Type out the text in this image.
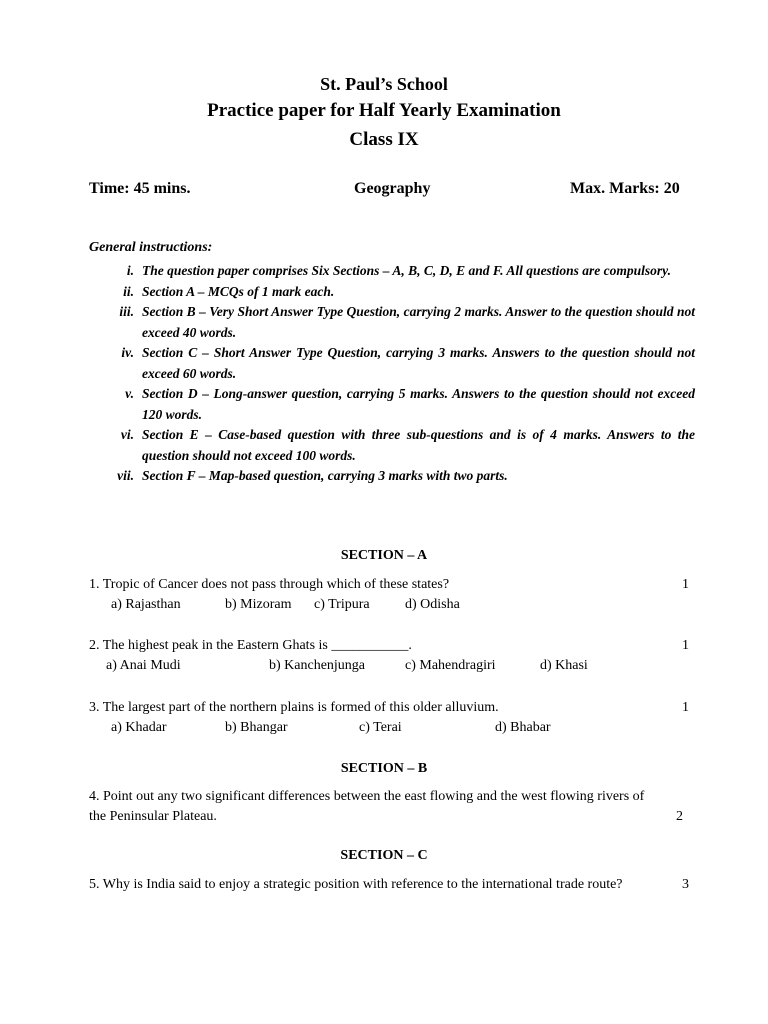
St. Paul’s School
Practice paper for Half Yearly Examination
Class IX
Time: 45 mins.	Geography	Max. Marks: 20
General instructions:
i. The question paper comprises Six Sections – A, B, C, D, E and F. All questions are compulsory.
ii. Section A – MCQs of 1 mark each.
iii. Section B – Very Short Answer Type Question, carrying 2 marks. Answer to the question should not exceed 40 words.
iv. Section C – Short Answer Type Question, carrying 3 marks. Answers to the question should not exceed 60 words.
v. Section D – Long-answer question, carrying 5 marks. Answers to the question should not exceed 120 words.
vi. Section E – Case-based question with three sub-questions and is of 4 marks. Answers to the question should not exceed 100 words.
vii. Section F – Map-based question, carrying 3 marks with two parts.
SECTION – A
1. Tropic of Cancer does not pass through which of these states?	1
a) Rajasthan	b) Mizoram c) Tripura	d) Odisha
2. The highest peak in the Eastern Ghats is ___________.	1
a) Anai Mudi	b) Kanchenjunga	c) Mahendragiri	d) Khasi
3. The largest part of the northern plains is formed of this older alluvium.	1
a) Khadar	b) Bhangar	c) Terai	d) Bhabar
SECTION – B
4. Point out any two significant differences between the east flowing and the west flowing rivers of
the Peninsular Plateau.	2
SECTION – C
5. Why is India said to enjoy a strategic position with reference to the international trade route?	3
